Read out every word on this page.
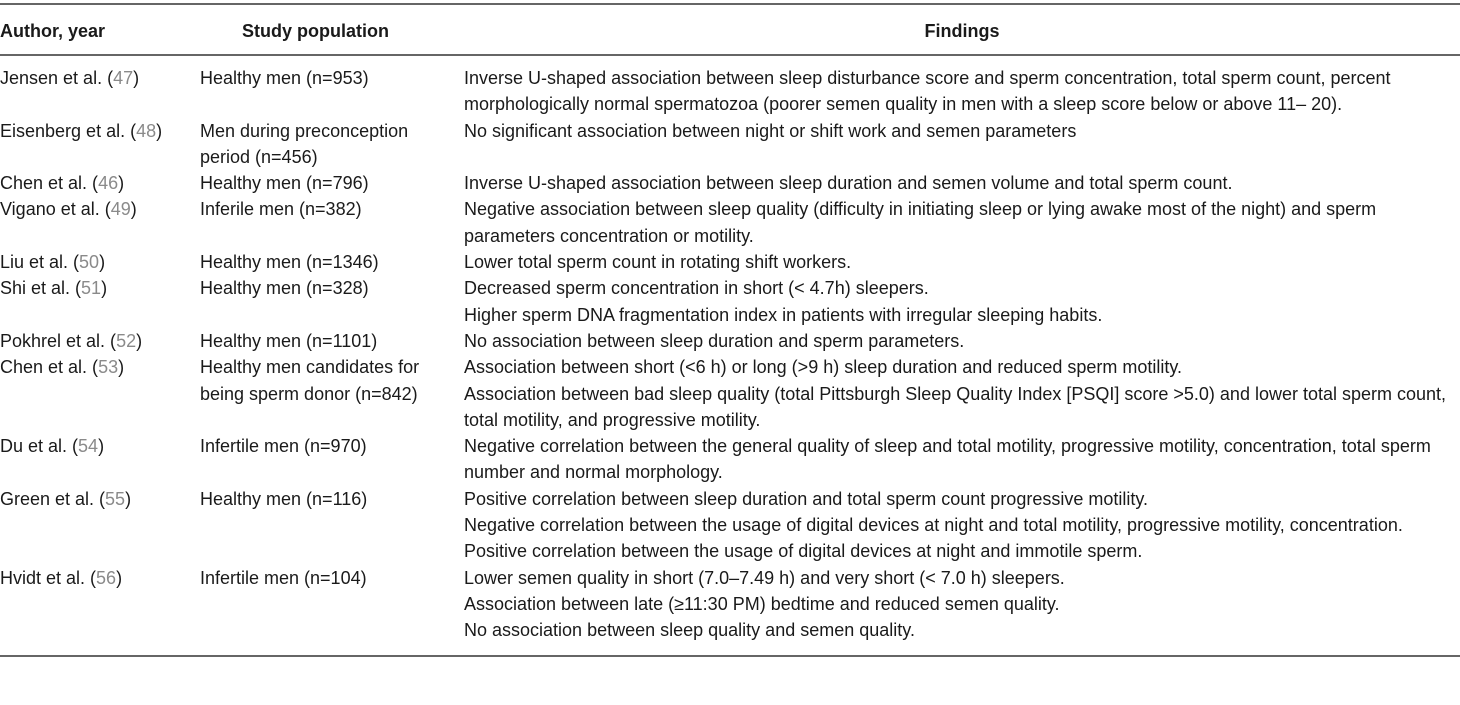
Author, year	Study population	Findings
Jensen et al. (47)	Healthy men (n=953)	Inverse U-shaped association between sleep disturbance score and sperm concentration, total sperm count, percent morphologically normal spermatozoa (poorer semen quality in men with a sleep score below or above 11– 20).

Eisenberg et al. (48)	Men during preconception period (n=456)	No significant association between night or shift work and semen parameters

Chen et al. (46)	Healthy men (n=796)	Inverse U-shaped association between sleep duration and semen volume and total sperm count.

Vigano et al. (49)	Inferile men (n=382)	Negative association between sleep quality (difficulty in initiating sleep or lying awake most of the night) and sperm parameters concentration or motility.

Liu et al. (50)	Healthy men (n=1346)	Lower total sperm count in rotating shift workers.

Shi et al. (51)	Healthy men (n=328)	Decreased sperm concentration in short (< 4.7h) sleepers.
Higher sperm DNA fragmentation index in patients with irregular sleeping habits.

Pokhrel et al. (52)	Healthy men (n=1101)	No association between sleep duration and sperm parameters.

Chen et al. (53)	Healthy men candidates for being sperm donor (n=842)	Association between short (<6 h) or long (>9 h) sleep duration and reduced sperm motility.
Association between bad sleep quality (total Pittsburgh Sleep Quality Index [PSQI] score >5.0) and lower total sperm count, total motility, and progressive motility.

Du et al. (54)	Infertile men (n=970)	Negative correlation between the general quality of sleep and total motility, progressive motility, concentration, total sperm number and normal morphology.

Green et al. (55)	Healthy men (n=116)	Positive correlation between sleep duration and total sperm count progressive motility.
Negative correlation between the usage of digital devices at night and total motility, progressive motility, concentration.
Positive correlation between the usage of digital devices at night and immotile sperm.

Hvidt et al. (56)	Infertile men (n=104)	Lower semen quality in short (7.0–7.49 h) and very short (< 7.0 h) sleepers.
Association between late (≥11:30 PM) bedtime and reduced semen quality.
No association between sleep quality and semen quality.
